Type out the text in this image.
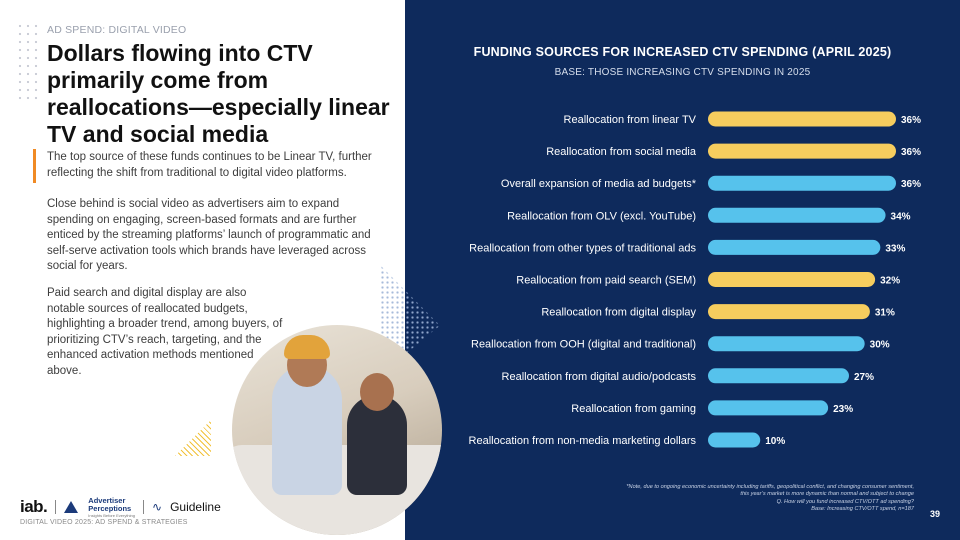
AD SPEND: DIGITAL VIDEO
Dollars flowing into CTV primarily come from reallocations—especially linear TV and social media

The top source of these funds continues to be Linear TV, further reflecting the shift from traditional to digital video platforms.

Close behind is social video as advertisers aim to expand spending on engaging, screen-based formats and are further enticed by the streaming platforms’ launch of programmatic and self-serve activation tools which brands have leveraged across social for years.

Paid search and digital display are also notable sources of reallocated budgets, highlighting a broader trend, among buyers, of prioritizing CTV’s reach, targeting, and the enhanced activation methods mentioned above.

iab.	Advertiser
Perceptions
Insights Before Everything
∿ Guideline
DIGITAL VIDEO 2025: AD SPEND & STRATEGIES
FUNDING SOURCES FOR INCREASED CTV SPENDING (APRIL 2025)
BASE: THOSE INCREASING CTV SPENDING IN 2025
Reallocation from linear TV	36%
Reallocation from social media	36%
Overall expansion of media ad budgets*	36%
Reallocation from OLV (excl. YouTube)	34%
Reallocation from other types of traditional ads	33%
Reallocation from paid search (SEM)	32%
Reallocation from digital display	31%
Reallocation from OOH (digital and traditional)	30%
Reallocation from digital audio/podcasts	27%
Reallocation from gaming	23%
Reallocation from non-media marketing dollars	10%
*Note, due to ongoing economic uncertainty including tariffs, geopolitical conflict, and changing consumer sentiment,
this year’s market is more dynamic than normal and subject to change
Q. How will you fund increased CTV/OTT ad spending?
Base: Increasing CTV/OTT spend, n=187 39
